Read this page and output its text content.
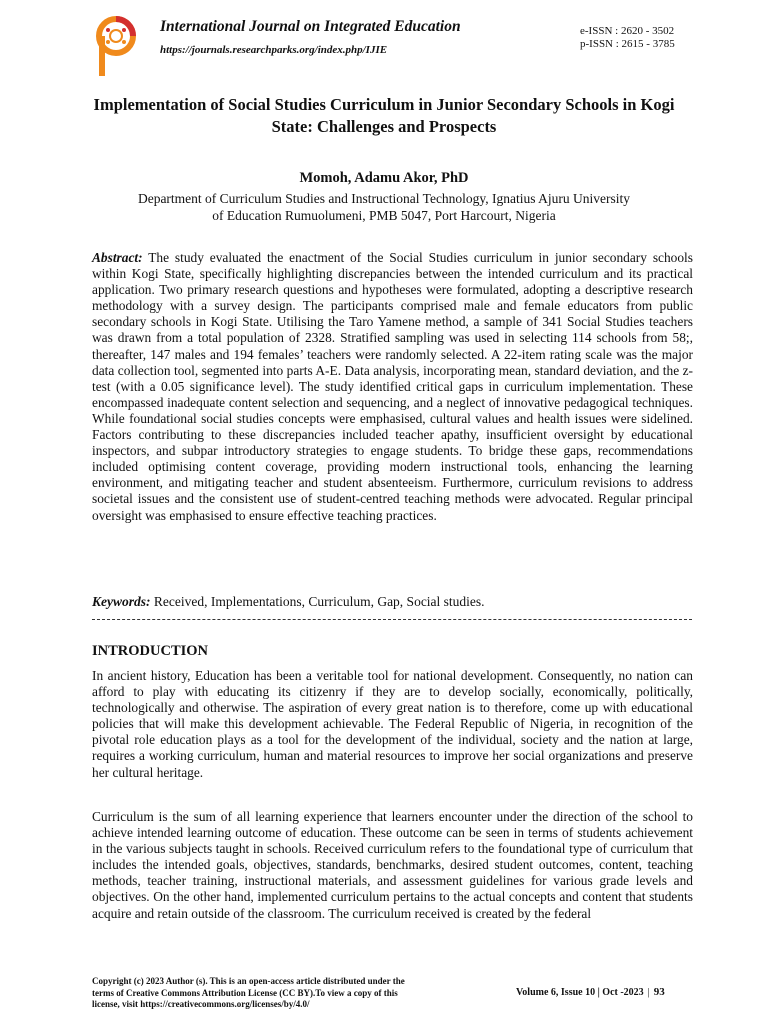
International Journal on Integrated Education
https://journals.researchparks.org/index.php/IJIE
e-ISSN : 2620 - 3502
p-ISSN : 2615 - 3785
Implementation of Social Studies Curriculum in Junior Secondary Schools in Kogi State: Challenges and Prospects
Momoh, Adamu Akor, PhD
Department of Curriculum Studies and Instructional Technology, Ignatius Ajuru University
of Education Rumuolumeni, PMB 5047, Port Harcourt, Nigeria

Abstract: The study evaluated the enactment of the Social Studies curriculum in junior secondary schools within Kogi State, specifically highlighting discrepancies between the intended curriculum and its practical application. Two primary research questions and hypotheses were formulated, adopting a descriptive research methodology with a survey design. The participants comprised male and female educators from public secondary schools in Kogi State. Utilising the Taro Yamene method, a sample of 341 Social Studies teachers was drawn from a total population of 2328. Stratified sampling was used in selecting 114 schools from 58;, thereafter, 147 males and 194 females’ teachers were randomly selected. A 22-item rating scale was the major data collection tool, segmented into parts A-E. Data analysis, incorporating mean, standard deviation, and the z-test (with a 0.05 significance level). The study identified critical gaps in curriculum implementation. These encompassed inadequate content selection and sequencing, and a neglect of innovative pedagogical techniques. While foundational social studies concepts were emphasised, cultural values and health issues were sidelined. Factors contributing to these discrepancies included teacher apathy, insufficient oversight by educational inspectors, and subpar introductory strategies to engage students. To bridge these gaps, recommendations included optimising content coverage, providing modern instructional tools, enhancing the learning environment, and mitigating teacher and student absenteeism. Furthermore, curriculum revisions to address societal issues and the consistent use of student-centred teaching methods were advocated. Regular principal oversight was emphasised to ensure effective teaching practices.

Keywords: Received, Implementations, Curriculum, Gap, Social studies.

INTRODUCTION

In ancient history, Education has been a veritable tool for national development. Consequently, no nation can afford to play with educating its citizenry if they are to develop socially, economically, politically, technologically and otherwise. The aspiration of every great nation is to therefore, come up with educational policies that will make this development achievable. The Federal Republic of Nigeria, in recognition of the pivotal role education plays as a tool for the development of the individual, society and the nation at large, requires a working curriculum, human and material resources to improve her social organizations and preserve her cultural heritage.

Curriculum is the sum of all learning experience that learners encounter under the direction of the school to achieve intended learning outcome of education. These outcome can be seen in terms of students achievement in the various subjects taught in schools. Received curriculum refers to the foundational type of curriculum that includes the intended goals, objectives, standards, benchmarks, desired student outcomes, content, teaching methods, teacher training, instructional materials, and assessment guidelines for various grade levels and objectives. On the other hand, implemented curriculum pertains to the actual concepts and content that students acquire and retain outside of the classroom. The curriculum received is created by the federal

Copyright (c) 2023 Author (s). This is an open-access article distributed under the
terms of Creative Commons Attribution License (CC BY).To view a copy of this
license, visit https://creativecommons.org/licenses/by/4.0/
Volume 6, Issue 10 | Oct -2023 | 93
